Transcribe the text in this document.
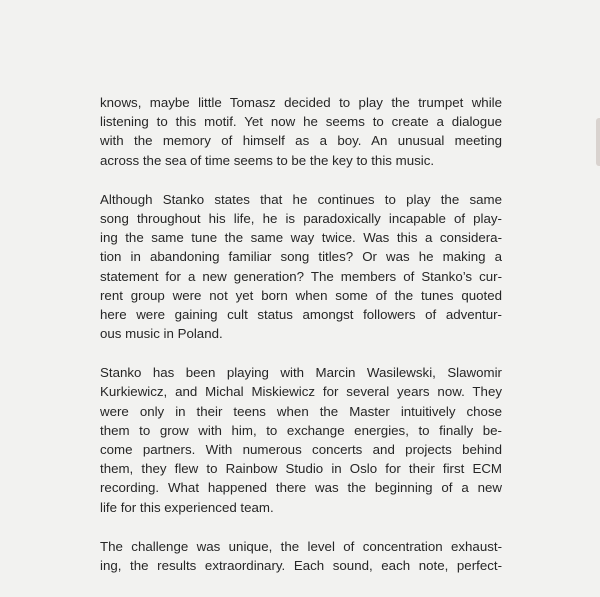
knows, maybe little Tomasz decided to play the trumpet while
listening to this motif. Yet now he seems to create a dialogue
with the memory of himself as a boy. An unusual meeting
across the sea of time seems to be the key to this music.
Although Stanko states that he continues to play the same
song throughout his life, he is paradoxically incapable of play-
ing the same tune the same way twice. Was this a considera-
tion in abandoning familiar song titles? Or was he making a
statement for a new generation? The members of Stanko’s cur-
rent group were not yet born when some of the tunes quoted
here were gaining cult status amongst followers of adventur-
ous music in Poland.
Stanko has been playing with Marcin Wasilewski, Slawomir
Kurkiewicz, and Michal Miskiewicz for several years now. They
were only in their teens when the Master intuitively chose
them to grow with him, to exchange energies, to finally be-
come partners. With numerous concerts and projects behind
them, they flew to Rainbow Studio in Oslo for their first ECM
recording. What happened there was the beginning of a new
life for this experienced team.
The challenge was unique, the level of concentration exhaust-
ing, the results extraordinary. Each sound, each note, perfect-
